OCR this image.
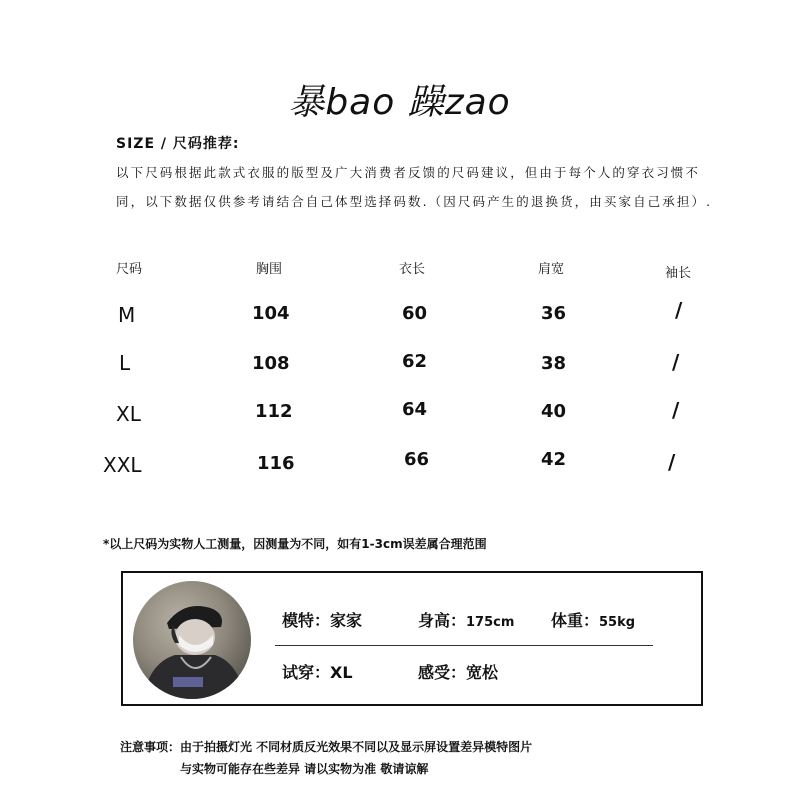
暴bao 躁zao
SIZE / 尺码推荐:
以下尺码根据此款式衣服的版型及广大消费者反馈的尺码建议，但由于每个人的穿衣习惯不
同，以下数据仅供参考请结合自己体型选择码数.（因尺码产生的退换货，由买家自己承担）.
尺码	胸围	衣长	肩宽	袖长
M	104	60	36	/
L	108	62	38	/
XL	112	64	40	/
XXL	116	66	42	/
*以上尺码为实物人工测量，因测量为不同，如有1-3cm误差属合理范围
模特：家家	身高：175cm 体重：55kg
试穿：XL	感受：宽松
注意事项：由于拍摄灯光 不同材质反光效果不同以及显示屏设置差异模特图片
与实物可能存在些差异 请以实物为准 敬请谅解
